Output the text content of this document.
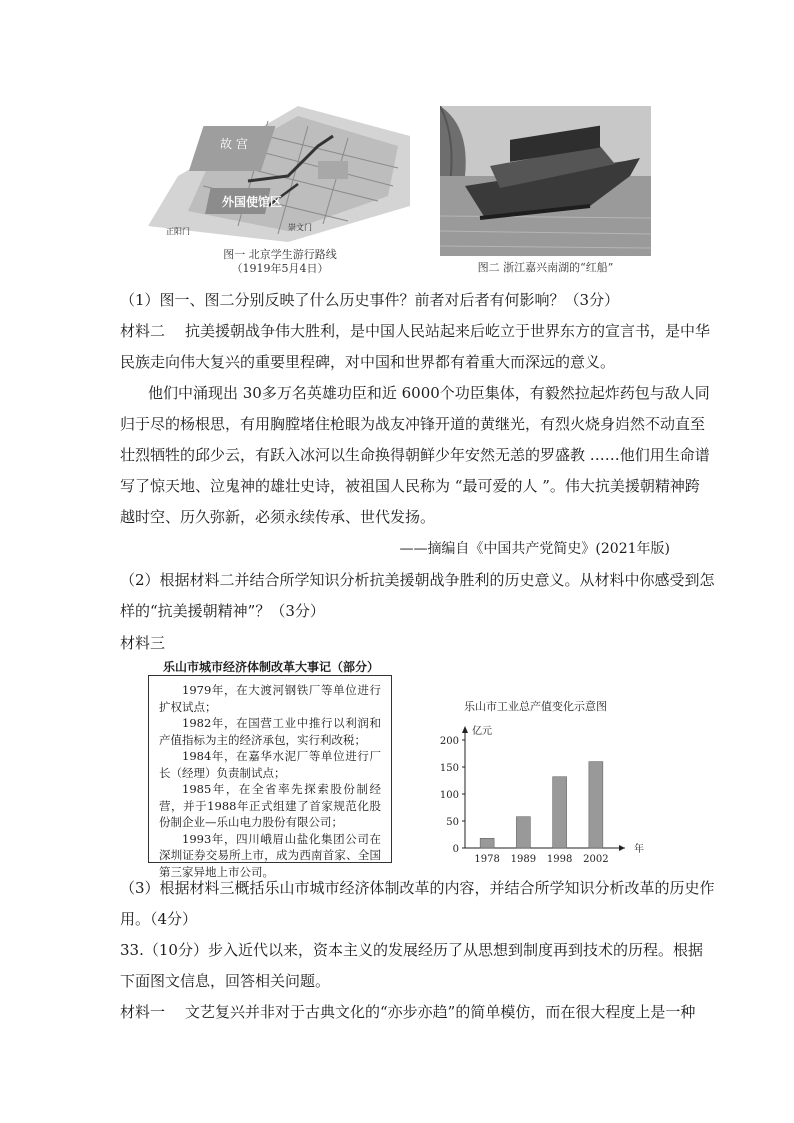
故 宫
外国使馆区
正阳门	崇文门
图一 北京学生游行路线
（1919年5月4日）	图二 浙江嘉兴南湖的“红船”
（1）图一、图二分别反映了什么历史事件？前者对后者有何影响？（3分）
材料二 抗美援朝战争伟大胜利，是中国人民站起来后屹立于世界东方的宣言书，是中华
民族走向伟大复兴的重要里程碑，对中国和世界都有着重大而深远的意义。
他们中涌现出 30多万名英雄功臣和近 6000个功臣集体，有毅然拉起炸药包与敌人同
归于尽的杨根思，有用胸膛堵住枪眼为战友冲锋开道的黄继光，有烈火烧身岿然不动直至
壮烈牺牲的邱少云，有跃入冰河以生命换得朝鲜少年安然无恙的罗盛教 ……他们用生命谱
写了惊天地、泣鬼神的雄壮史诗，被祖国人民称为 “最可爱的人 ”。伟大抗美援朝精神跨
越时空、历久弥新，必须永续传承、世代发扬。
——摘编自《中国共产党简史》(2021年版)
（2）根据材料二并结合所学知识分析抗美援朝战争胜利的历史意义。从材料中你感受到怎
样的“抗美援朝精神”？（3分）
材料三
乐山市城市经济体制改革大事记（部分）
1979年，在大渡河钢铁厂等单位进行扩权试点；
1982年，在国营工业中推行以利润和产值指标为主的经济承包，实行利改税；
1984年，在嘉华水泥厂等单位进行厂长（经理）负责制试点；
1985年，在全省率先探索股份制经营，并于1988年正式组建了首家规范化股份制企业—乐山电力股份有限公司；
1993年，四川峨眉山盐化集团公司在深圳证券交易所上市，成为西南首家、全国第三家异地上市公司。
乐山市工业总产值变化示意图
亿元
年
0
50
100
150
200
1978 1989 1998 2002
（3）根据材料三概括乐山市城市经济体制改革的内容，并结合所学知识分析改革的历史作
用。（4分）
33.（10分）步入近代以来，资本主义的发展经历了从思想到制度再到技术的历程。根据
下面图文信息，回答相关问题。
材料一 文艺复兴并非对于古典文化的“亦步亦趋”的简单模仿，而在很大程度上是一种
